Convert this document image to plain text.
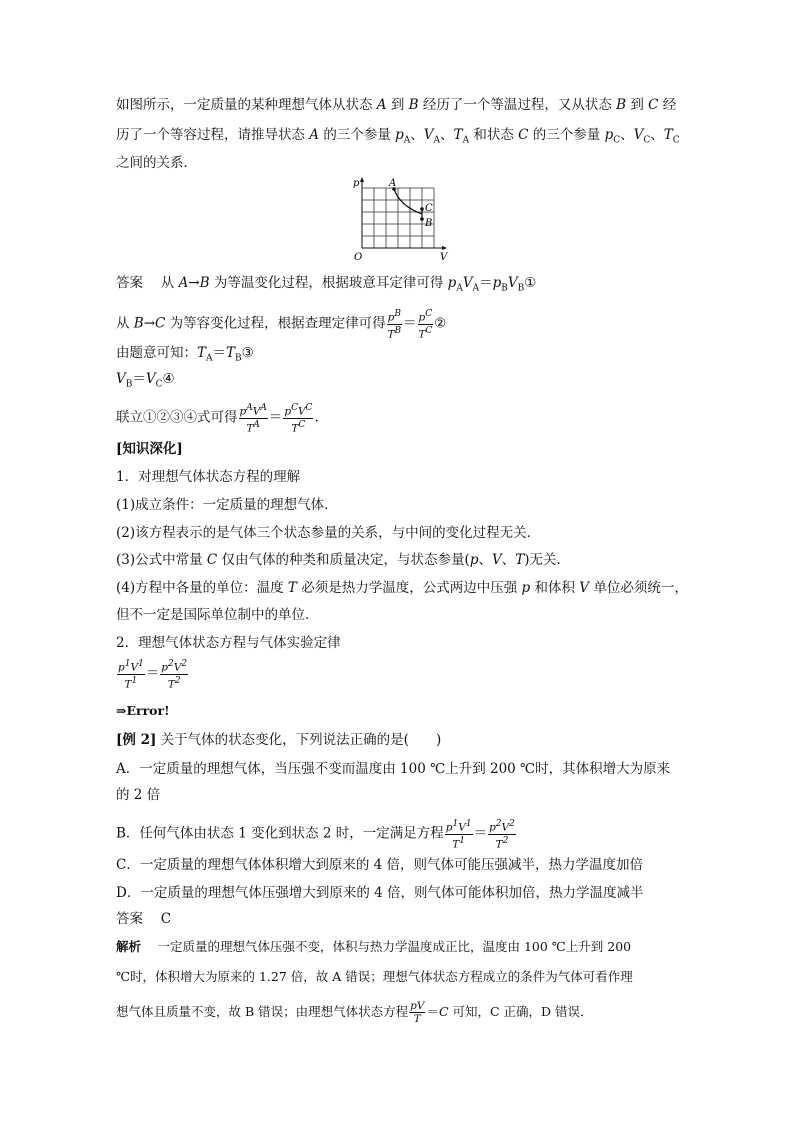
如图所示，一定质量的某种理想气体从状态 A 到 B 经历了一个等温过程，又从状态 B 到 C 经
历了一个等容过程，请推导状态 A 的三个参量 $p_A$、$V_A$、$T_A$ 和状态 C 的三个参量 $p_C$、$V_C$、$T_C$
之间的关系．
p
V
O
A
C
B
答案　 从 A→B 为等温变化过程，根据玻意耳定律可得 $p_AV_A=p_BV_B①$
从 B→C 为等容变化过程，根据查理定律可得 $\frac{p^B}{T^B} = \frac{p^C}{T^C}$ ②
由题意可知：$T_A=T_B③$
$V_B=V_C④$
联立①②③④式可得 $p^AV^A$
$T^A = p^CV^C$
$T^C$ .
[知识深化]
1．对理想气体状态方程的理解
(1)成立条件：一定质量的理想气体．
(2)该方程表示的是气体三个状态参量的关系，与中间的变化过程无关．
(3)公式中常量 C 仅由气体的种类和质量决定，与状态参量(p、V、T)无关．
(4)方程中各量的单位：温度 T 必须是热力学温度，公式两边中压强 p 和体积 V 单位必须统一，
但不一定是国际单位制中的单位．
2．理想气体状态方程与气体实验定律
$\frac{p^1V^1}{T^1} = \frac{p^2V^2}{T^2}$
⇒Error!
[例 2] 关于气体的状态变化，下列说法正确的是(　　)
A．一定质量的理想气体，当压强不变而温度由 100 ℃上升到 200 ℃时，其体积增大为原来
的 2 倍
B．任何气体由状态 1 变化到状态 2 时，一定满足方程 $\frac{p^1V^1}{T^1} = \frac{p^2V^2}{T^2}$
C．一定质量的理想气体体积增大到原来的 4 倍，则气体可能压强减半，热力学温度加倍
D．一定质量的理想气体压强增大到原来的 4 倍，则气体可能体积加倍，热力学温度减半
答案　 C
解析　 一定质量的理想气体压强不变，体积与热力学温度成正比，温度由 100 ℃上升到 200
℃时，体积增大为原来的 1.27 倍，故 A 错误；理想气体状态方程成立的条件为气体可看作理
想气体且质量不变，故 B 错误；由理想气体状态方程 $\frac{pV}{T} =C$ 可知，C 正确，D 错误．
